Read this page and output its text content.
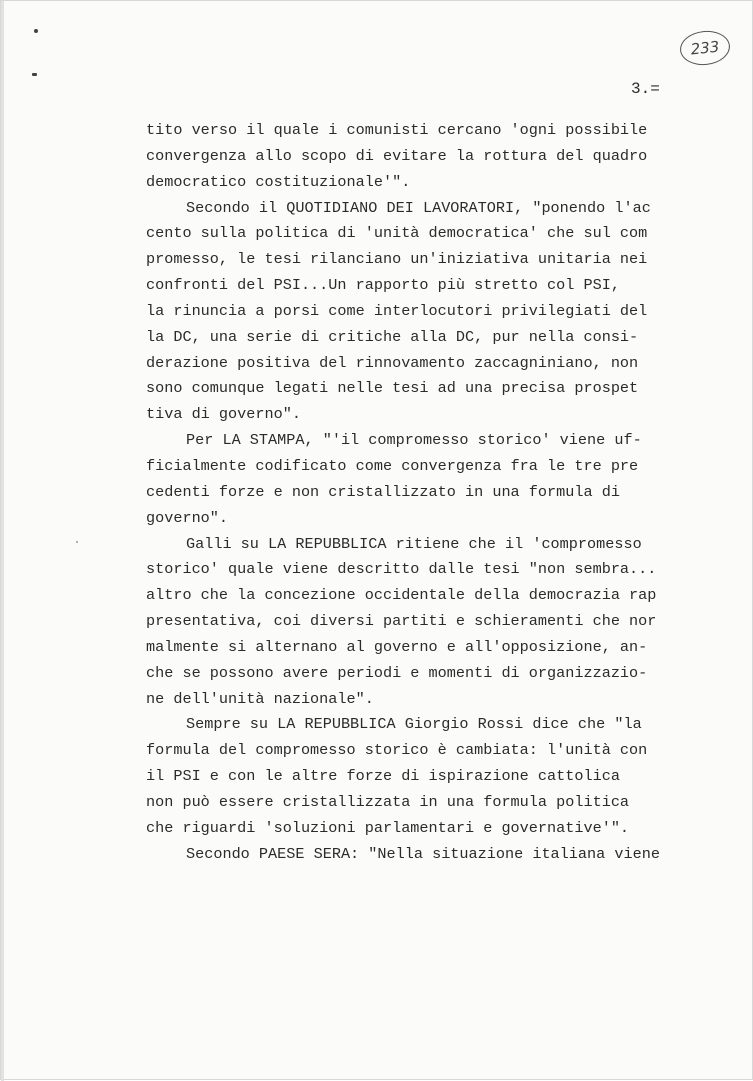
233
3.=
tito verso il quale i comunisti cercano 'ogni possibile
convergenza allo scopo di evitare la rottura del quadro
democratico costituzionale'".
Secondo il QUOTIDIANO DEI LAVORATORI, "ponendo l'ac
cento sulla politica di 'unità democratica' che sul com
promesso, le tesi rilanciano un'iniziativa unitaria nei
confronti del PSI...Un rapporto più stretto col PSI,
la rinuncia a porsi come interlocutori privilegiati del
la DC, una serie di critiche alla DC, pur nella consi-
derazione positiva del rinnovamento zaccagniniano, non
sono comunque legati nelle tesi ad una precisa prospet
tiva di governo".
Per LA STAMPA, "'il compromesso storico' viene uf-
ficialmente codificato come convergenza fra le tre pre
cedenti forze e non cristallizzato in una formula di
governo".
Galli su LA REPUBBLICA ritiene che il 'compromesso
storico' quale viene descritto dalle tesi "non sembra...
altro che la concezione occidentale della democrazia rap
presentativa, coi diversi partiti e schieramenti che nor
malmente si alternano al governo e all'opposizione, an-
che se possono avere periodi e momenti di organizzazio-
ne dell'unità nazionale".
Sempre su LA REPUBBLICA Giorgio Rossi dice che "la
formula del compromesso storico è cambiata: l'unità con
il PSI e con le altre forze di ispirazione cattolica
non può essere cristallizzata in una formula politica
che riguardi 'soluzioni parlamentari e governative'".
Secondo PAESE SERA: "Nella situazione italiana viene
